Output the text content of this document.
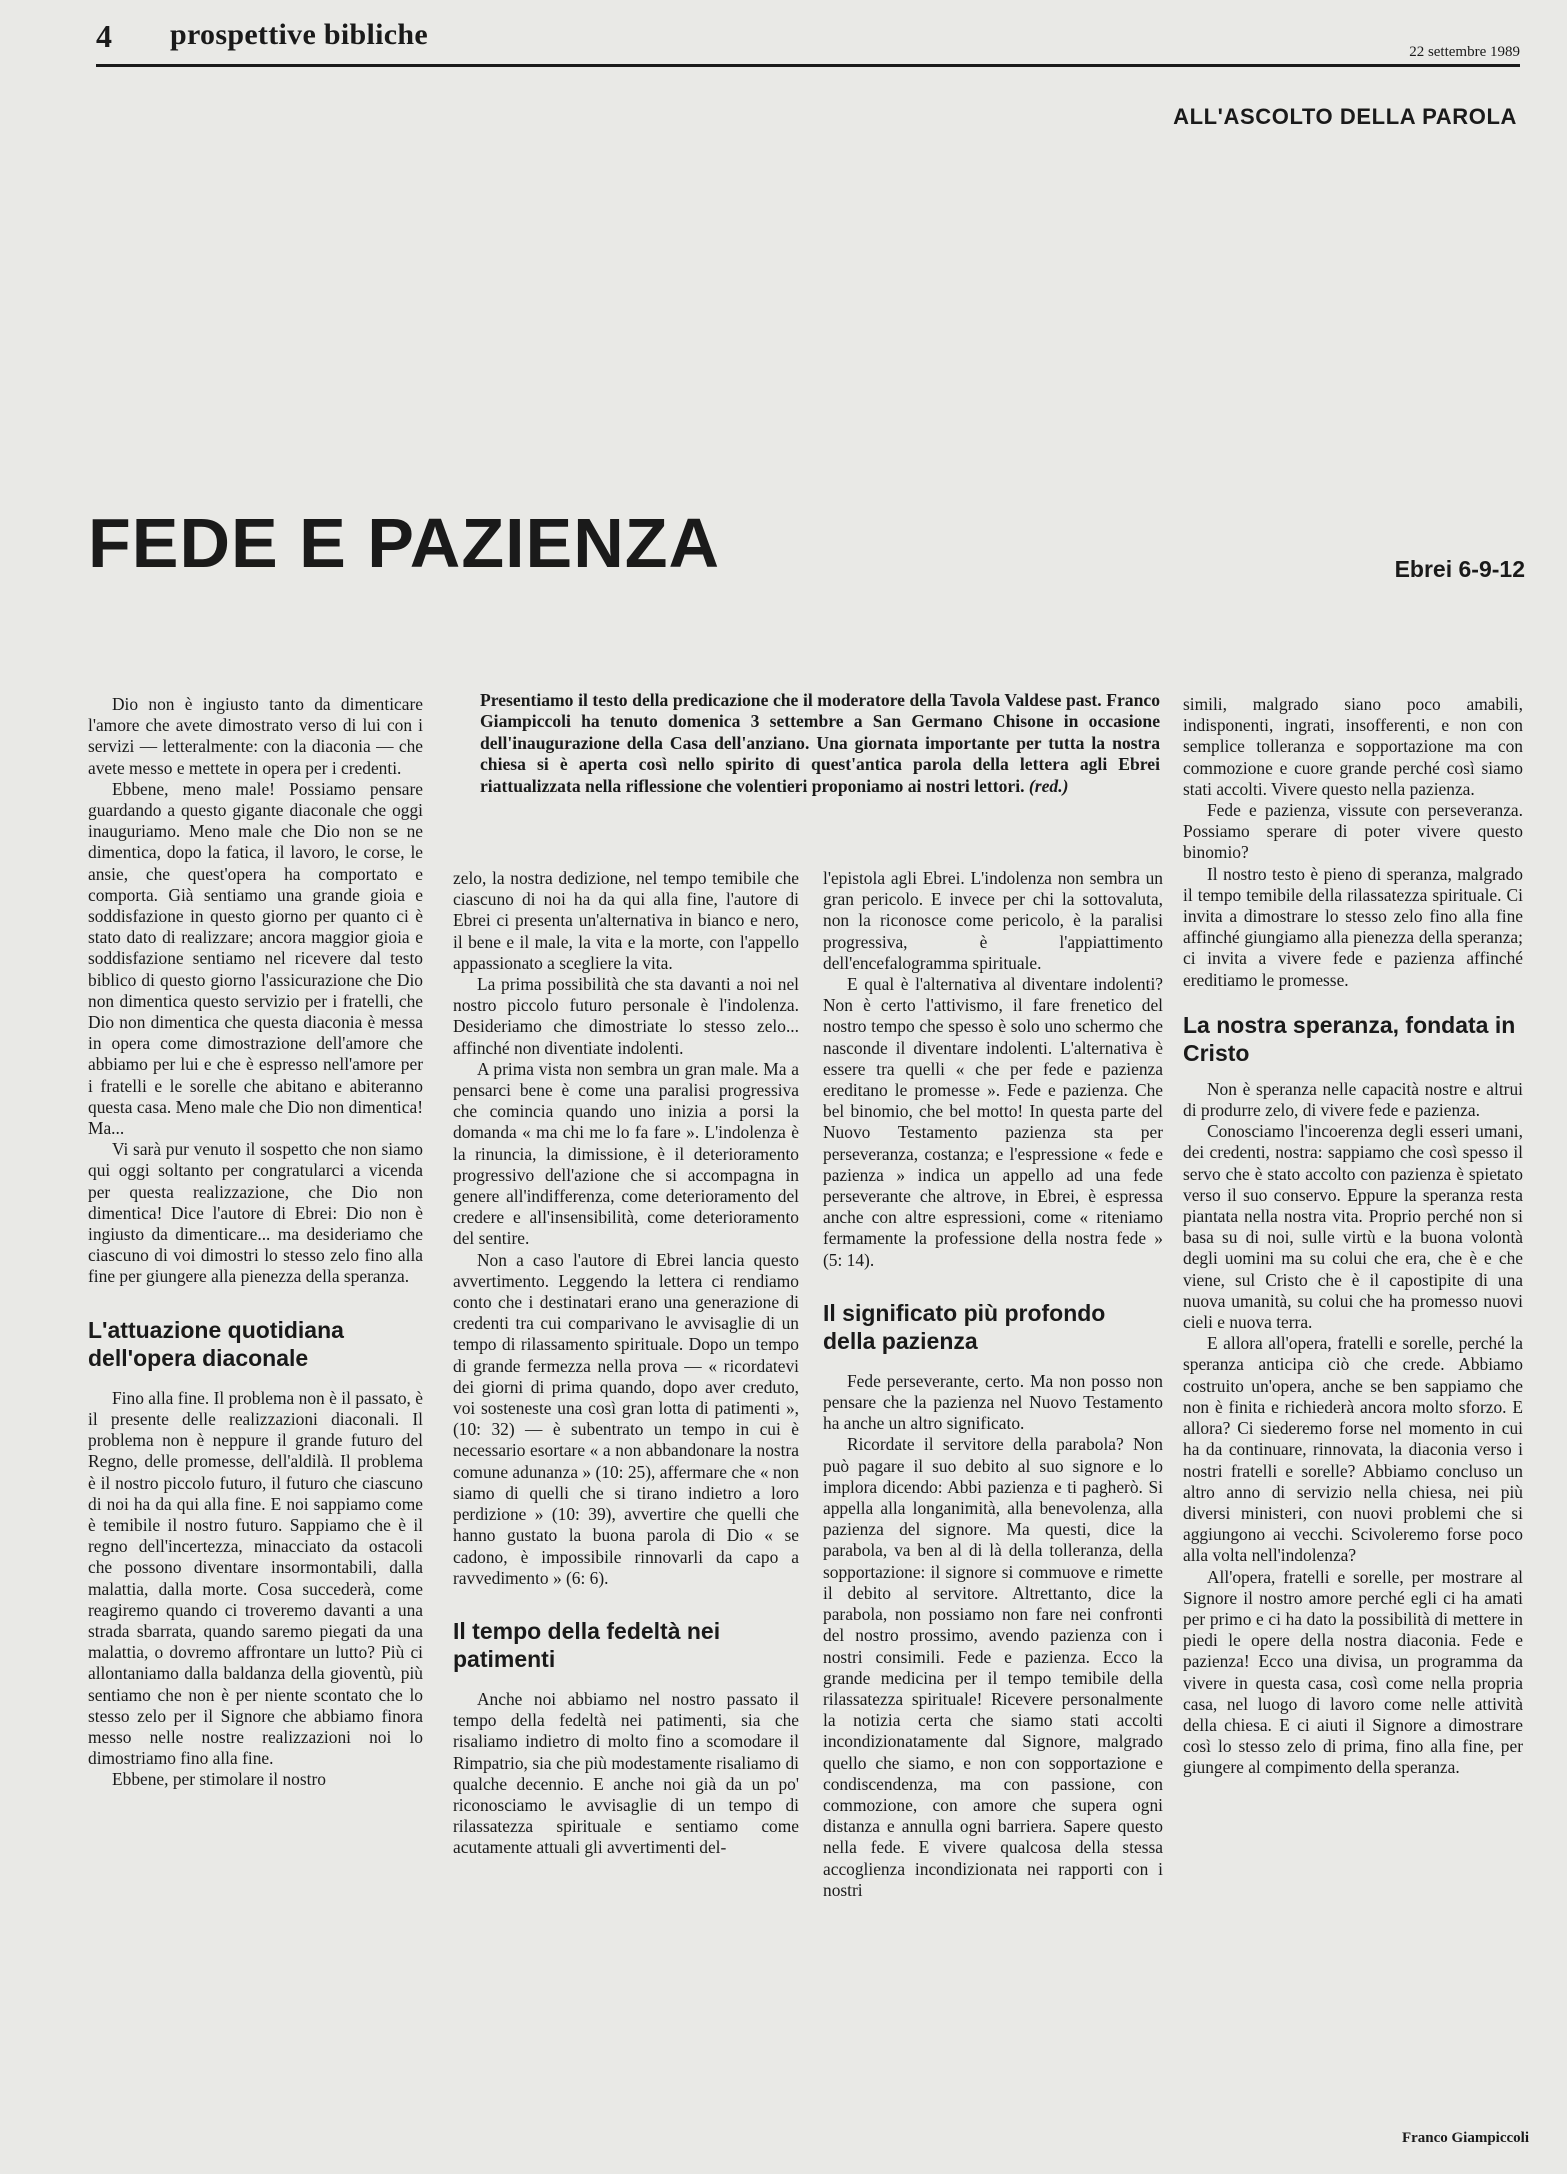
4 prospettive bibliche
22 settembre 1989
ALL'ASCOLTO DELLA PAROLA
FEDE E PAZIENZA	Ebrei 6-9-12
Presentiamo il testo della predicazione che il moderatore della Tavola Valdese past. Franco Giampiccoli ha tenuto domenica 3 settembre a San Germano Chisone in occasione dell'inaugurazione della Casa dell'anziano. Una giornata importante per tutta la nostra chiesa si è aperta così nello spirito di quest'antica parola della lettera agli Ebrei riattualizzata nella riflessione che volentieri proponiamo ai nostri lettori. (red.)

Dio non è ingiusto tanto da dimenticare l'amore che avete dimostrato verso di lui con i servizi — letteralmente: con la diaconia — che avete messo e mettete in opera per i credenti.

Ebbene, meno male! Possiamo pensare guardando a questo gigante diaconale che oggi inauguriamo. Meno male che Dio non se ne dimentica, dopo la fatica, il lavoro, le corse, le ansie, che quest'opera ha comportato e comporta. Già sentiamo una grande gioia e soddisfazione in questo giorno per quanto ci è stato dato di realizzare; ancora maggior gioia e soddisfazione sentiamo nel ricevere dal testo biblico di questo giorno l'assicurazione che Dio non dimentica questo servizio per i fratelli, che Dio non dimentica che questa diaconia è messa in opera come dimostrazione dell'amore che abbiamo per lui e che è espresso nell'amore per i fratelli e le sorelle che abitano e abiteranno questa casa. Meno male che Dio non dimentica! Ma...

Vi sarà pur venuto il sospetto che non siamo qui oggi soltanto per congratularci a vicenda per questa realizzazione, che Dio non dimentica! Dice l'autore di Ebrei: Dio non è ingiusto da dimenticare... ma desideriamo che ciascuno di voi dimostri lo stesso zelo fino alla fine per giungere alla pienezza della speranza.

L'attuazione quotidiana dell'opera diaconale

Fino alla fine. Il problema non è il passato, è il presente delle realizzazioni diaconali. Il problema non è neppure il grande futuro del Regno, delle promesse, dell'aldilà. Il problema è il nostro piccolo futuro, il futuro che ciascuno di noi ha da qui alla fine. E noi sappiamo come è temibile il nostro futuro. Sappiamo che è il regno dell'incertezza, minacciato da ostacoli che possono diventare insormontabili, dalla malattia, dalla morte. Cosa succederà, come reagiremo quando ci troveremo davanti a una strada sbarrata, quando saremo piegati da una malattia, o dovremo affrontare un lutto? Più ci allontaniamo dalla baldanza della gioventù, più sentiamo che non è per niente scontato che lo stesso zelo per il Signore che abbiamo finora messo nelle nostre realizzazioni noi lo dimostriamo fino alla fine.

Ebbene, per stimolare il nostro

zelo, la nostra dedizione, nel tempo temibile che ciascuno di noi ha da qui alla fine, l'autore di Ebrei ci presenta un'alternativa in bianco e nero, il bene e il male, la vita e la morte, con l'appello appassionato a scegliere la vita.

La prima possibilità che sta davanti a noi nel nostro piccolo futuro personale è l'indolenza. Desideriamo che dimostriate lo stesso zelo... affinché non diventiate indolenti.

A prima vista non sembra un gran male. Ma a pensarci bene è come una paralisi progressiva che comincia quando uno inizia a porsi la domanda « ma chi me lo fa fare ». L'indolenza è la rinuncia, la dimissione, è il deterioramento progressivo dell'azione che si accompagna in genere all'indifferenza, come deterioramento del credere e all'insensibilità, come deterioramento del sentire.

Non a caso l'autore di Ebrei lancia questo avvertimento. Leggendo la lettera ci rendiamo conto che i destinatari erano una generazione di credenti tra cui comparivano le avvisaglie di un tempo di rilassamento spirituale. Dopo un tempo di grande fermezza nella prova — « ricordatevi dei giorni di prima quando, dopo aver creduto, voi sosteneste una così gran lotta di patimenti », (10: 32) — è subentrato un tempo in cui è necessario esortare « a non abbandonare la nostra comune adunanza » (10: 25), affermare che « non siamo di quelli che si tirano indietro a loro perdizione » (10: 39), avvertire che quelli che hanno gustato la buona parola di Dio « se cadono, è impossibile rinnovarli da capo a ravvedimento » (6: 6).

Il tempo della fedeltà nei patimenti

Anche noi abbiamo nel nostro passato il tempo della fedeltà nei patimenti, sia che risaliamo indietro di molto fino a scomodare il Rimpatrio, sia che più modestamente risaliamo di qualche decennio. E anche noi già da un po' riconosciamo le avvisaglie di un tempo di rilassatezza spirituale e sentiamo come acutamente attuali gli avvertimenti del-

l'epistola agli Ebrei. L'indolenza non sembra un gran pericolo. E invece per chi la sottovaluta, non la riconosce come pericolo, è la paralisi progressiva, è l'appiattimento dell'encefalogramma spirituale.

E qual è l'alternativa al diventare indolenti? Non è certo l'attivismo, il fare frenetico del nostro tempo che spesso è solo uno schermo che nasconde il diventare indolenti. L'alternativa è essere tra quelli « che per fede e pazienza ereditano le promesse ». Fede e pazienza. Che bel binomio, che bel motto! In questa parte del Nuovo Testamento pazienza sta per perseveranza, costanza; e l'espressione « fede e pazienza » indica un appello ad una fede perseverante che altrove, in Ebrei, è espressa anche con altre espressioni, come « riteniamo fermamente la professione della nostra fede » (5: 14).

Il significato più profondo della pazienza

Fede perseverante, certo. Ma non posso non pensare che la pazienza nel Nuovo Testamento ha anche un altro significato.

Ricordate il servitore della parabola? Non può pagare il suo debito al suo signore e lo implora dicendo: Abbi pazienza e ti pagherò. Si appella alla longanimità, alla benevolenza, alla pazienza del signore. Ma questi, dice la parabola, va ben al di là della tolleranza, della sopportazione: il signore si commuove e rimette il debito al servitore. Altrettanto, dice la parabola, non possiamo non fare nei confronti del nostro prossimo, avendo pazienza con i nostri consimili. Fede e pazienza. Ecco la grande medicina per il tempo temibile della rilassatezza spirituale! Ricevere personalmente la notizia certa che siamo stati accolti incondizionatamente dal Signore, malgrado quello che siamo, e non con sopportazione e condiscendenza, ma con passione, con commozione, con amore che supera ogni distanza e annulla ogni barriera. Sapere questo nella fede. E vivere qualcosa della stessa accoglienza incondizionata nei rapporti con i nostri

simili, malgrado siano poco amabili, indisponenti, ingrati, insofferenti, e non con semplice tolleranza e sopportazione ma con commozione e cuore grande perché così siamo stati accolti. Vivere questo nella pazienza.

Fede e pazienza, vissute con perseveranza. Possiamo sperare di poter vivere questo binomio?

Il nostro testo è pieno di speranza, malgrado il tempo temibile della rilassatezza spirituale. Ci invita a dimostrare lo stesso zelo fino alla fine affinché giungiamo alla pienezza della speranza; ci invita a vivere fede e pazienza affinché ereditiamo le promesse.

La nostra speranza, fondata in Cristo

Non è speranza nelle capacità nostre e altrui di produrre zelo, di vivere fede e pazienza.

Conosciamo l'incoerenza degli esseri umani, dei credenti, nostra: sappiamo che così spesso il servo che è stato accolto con pazienza è spietato verso il suo conservo. Eppure la speranza resta piantata nella nostra vita. Proprio perché non si basa su di noi, sulle virtù e la buona volontà degli uomini ma su colui che era, che è e che viene, sul Cristo che è il capostipite di una nuova umanità, su colui che ha promesso nuovi cieli e nuova terra.

E allora all'opera, fratelli e sorelle, perché la speranza anticipa ciò che crede. Abbiamo costruito un'opera, anche se ben sappiamo che non è finita e richiederà ancora molto sforzo. E allora? Ci siederemo forse nel momento in cui ha da continuare, rinnovata, la diaconia verso i nostri fratelli e sorelle? Abbiamo concluso un altro anno di servizio nella chiesa, nei più diversi ministeri, con nuovi problemi che si aggiungono ai vecchi. Scivoleremo forse poco alla volta nell'indolenza?

All'opera, fratelli e sorelle, per mostrare al Signore il nostro amore perché egli ci ha amati per primo e ci ha dato la possibilità di mettere in piedi le opere della nostra diaconia. Fede e pazienza! Ecco una divisa, un programma da vivere in questa casa, così come nella propria casa, nel luogo di lavoro come nelle attività della chiesa. E ci aiuti il Signore a dimostrare così lo stesso zelo di prima, fino alla fine, per giungere al compimento della speranza.

Franco Giampiccoli
